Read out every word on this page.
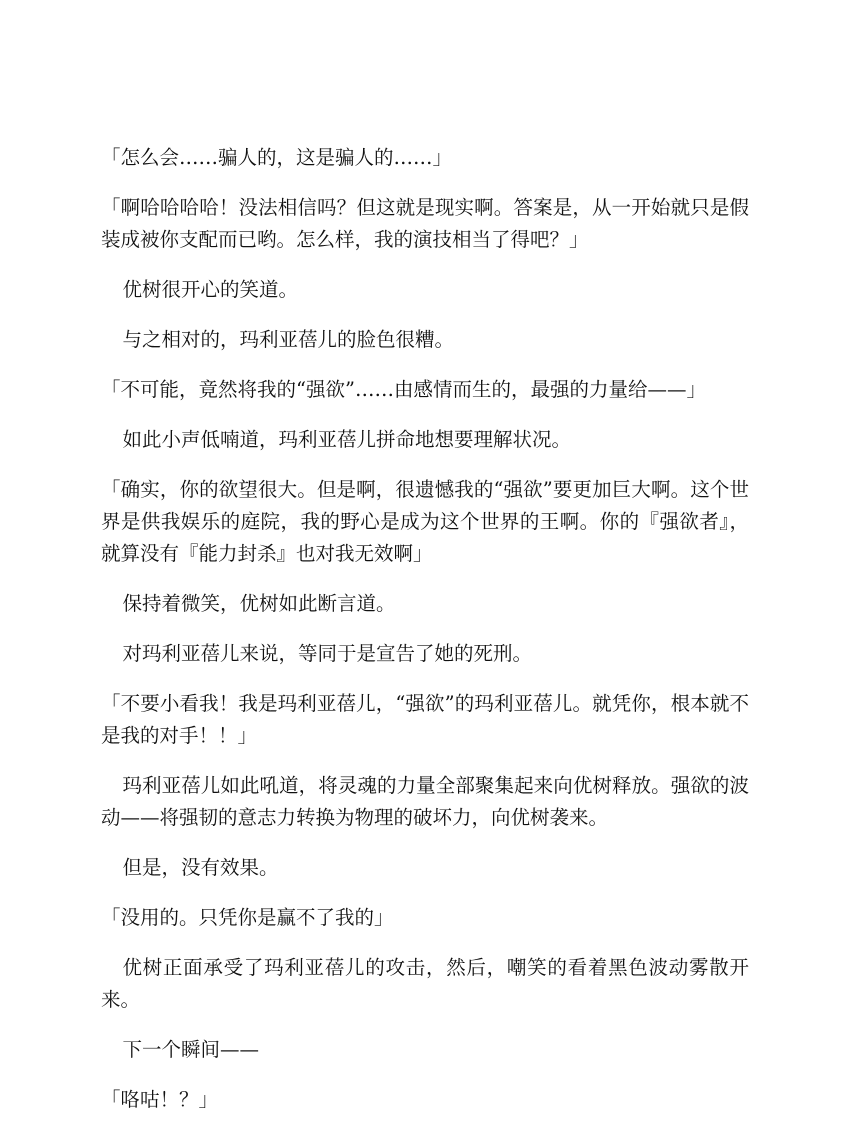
「怎么会……骗人的，这是骗人的……」

「啊哈哈哈哈！没法相信吗？但这就是现实啊。答案是，从一开始就只是假装成被你支配而已哟。怎么样，我的演技相当了得吧？」

优树很开心的笑道。

与之相对的，玛利亚蓓儿的脸色很糟。

「不可能，竟然将我的“强欲”……由感情而生的，最强的力量给——」

如此小声低喃道，玛利亚蓓儿拼命地想要理解状况。

「确实，你的欲望很大。但是啊，很遗憾我的“强欲”要更加巨大啊。这个世界是供我娱乐的庭院，我的野心是成为这个世界的王啊。你的『强欲者』，就算没有『能力封杀』也对我无效啊」

保持着微笑，优树如此断言道。

对玛利亚蓓儿来说，等同于是宣告了她的死刑。

「不要小看我！我是玛利亚蓓儿，“强欲”的玛利亚蓓儿。就凭你，根本就不是我的对手！！」

玛利亚蓓儿如此吼道，将灵魂的力量全部聚集起来向优树释放。强欲的波动——将强韧的意志力转换为物理的破坏力，向优树袭来。

但是，没有效果。

「没用的。只凭你是赢不了我的」

优树正面承受了玛利亚蓓儿的攻击，然后，嘲笑的看着黑色波动雾散开来。

下一个瞬间——

「咯咕！？」
